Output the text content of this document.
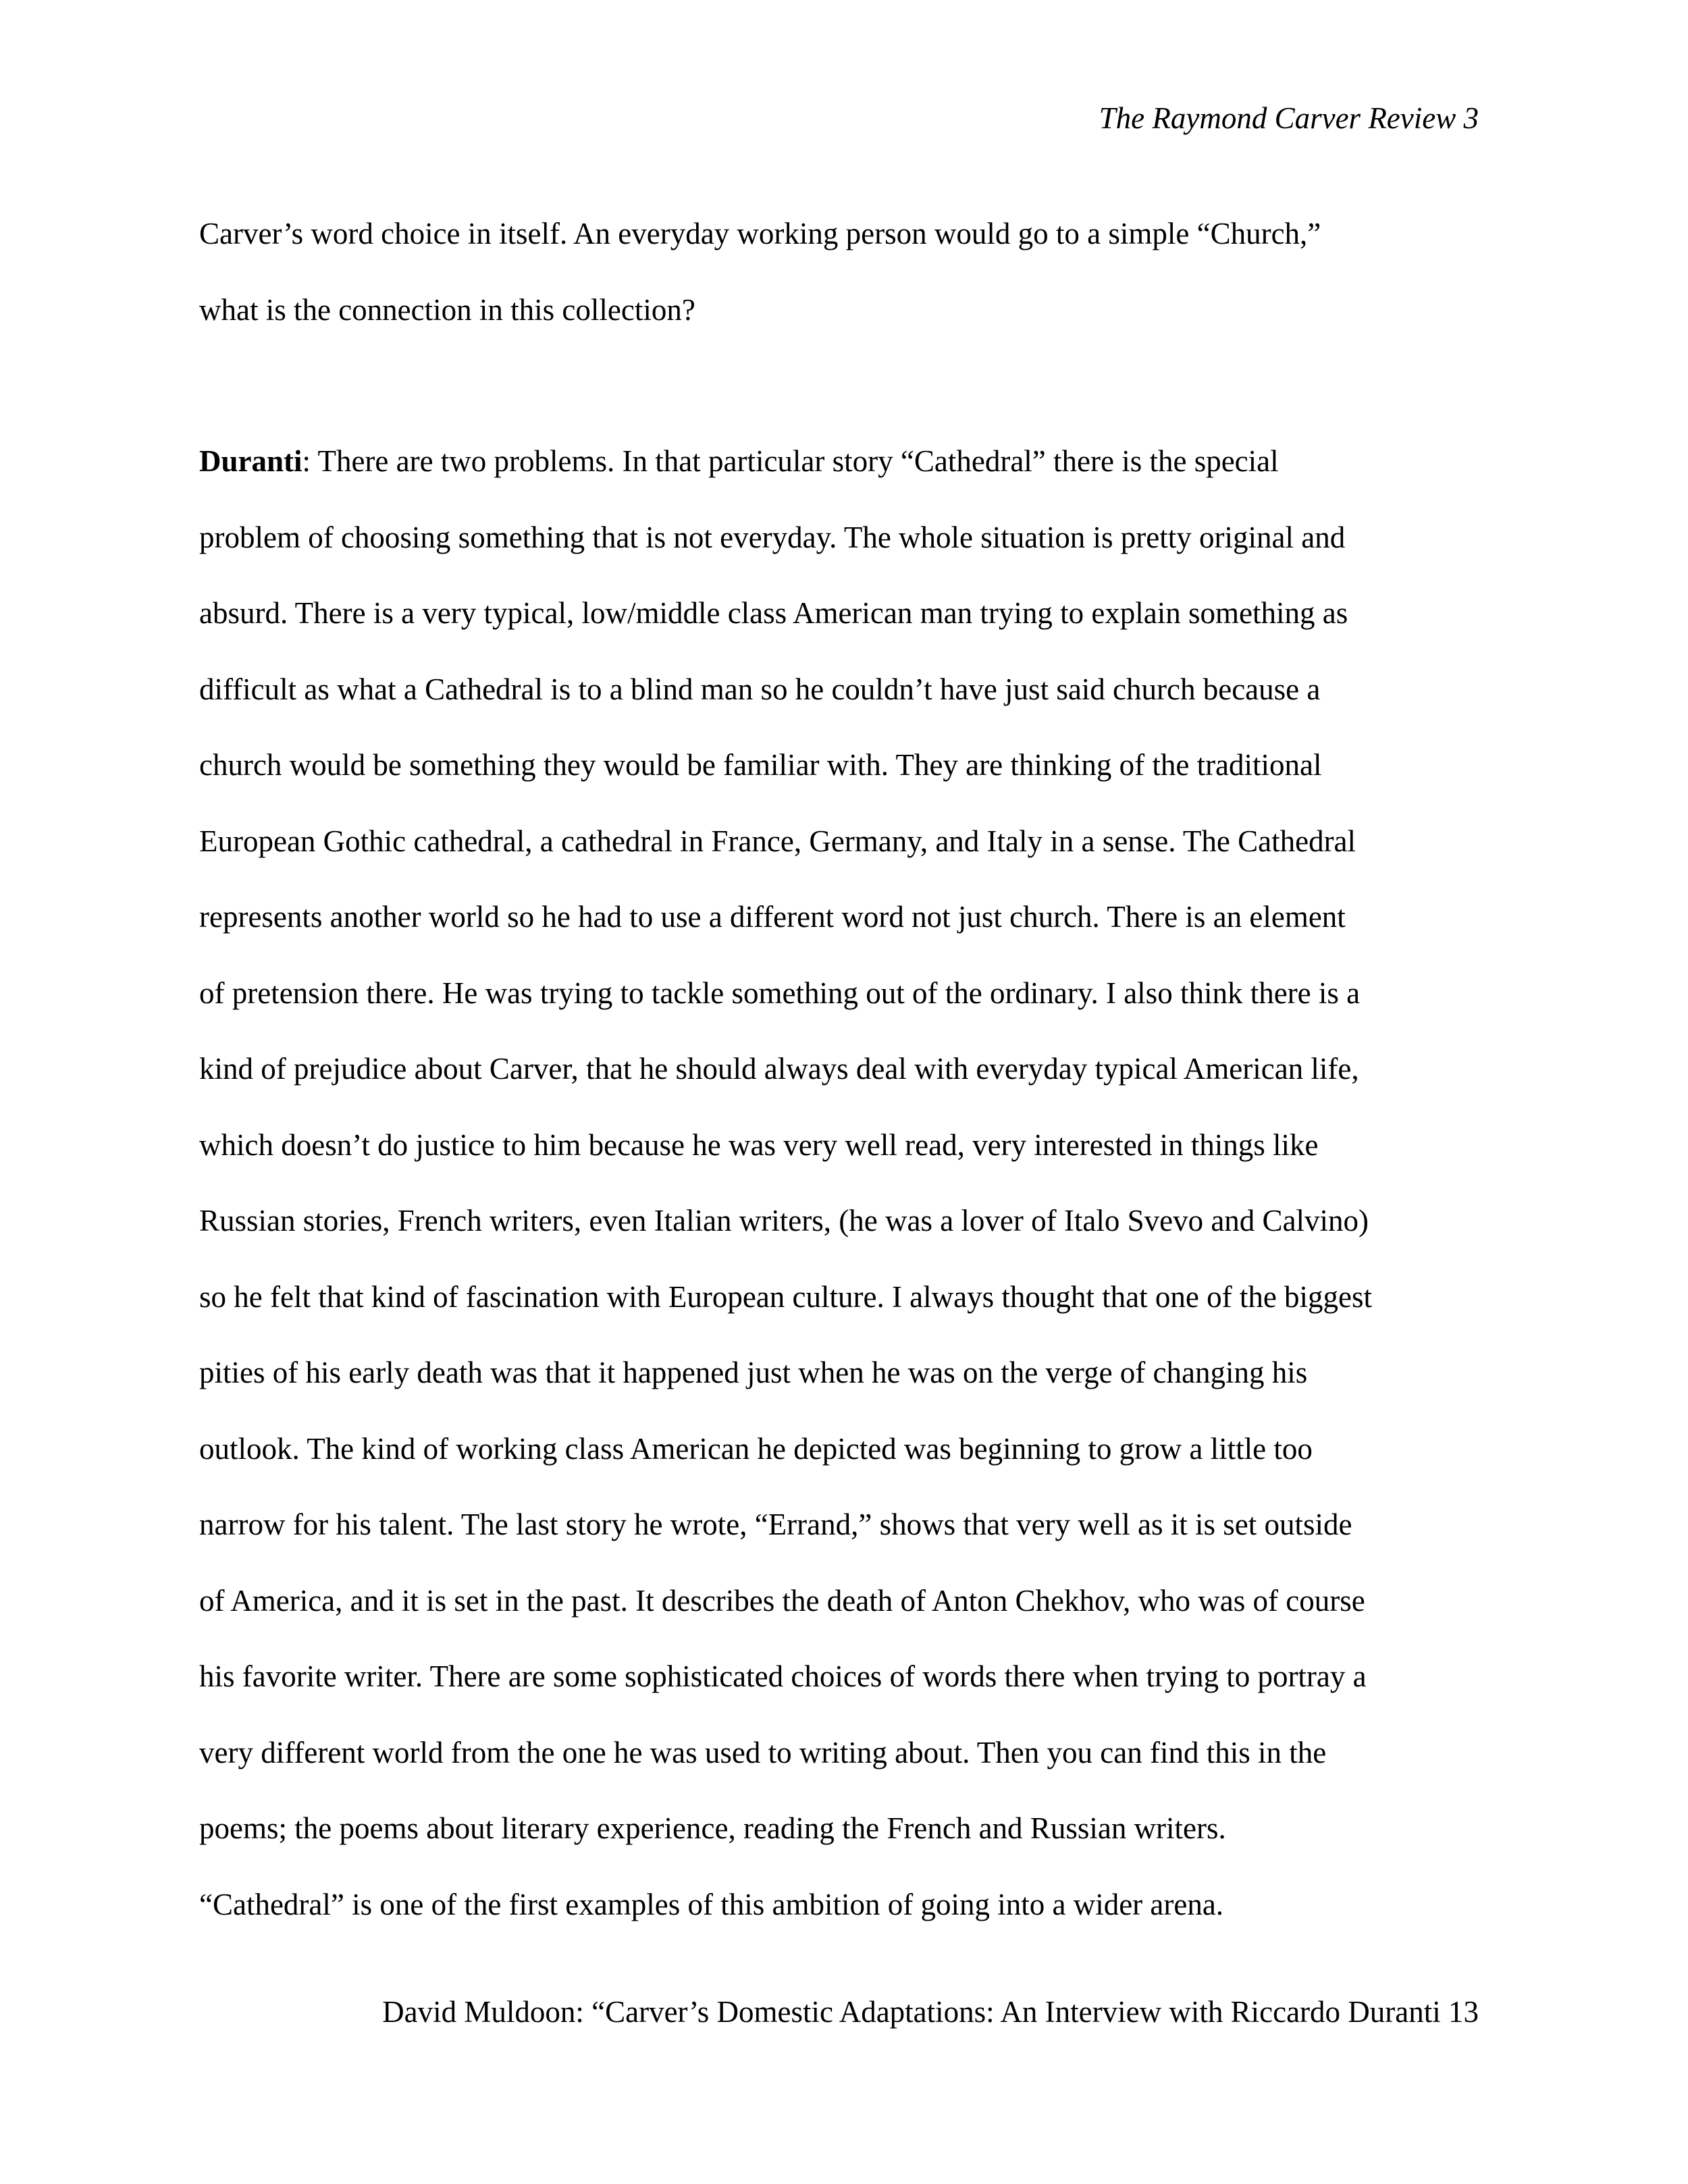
The Raymond Carver Review 3
Carver’s word choice in itself. An everyday working person would go to a simple “Church,”
what is the connection in this collection?
Duranti: There are two problems. In that particular story “Cathedral” there is the special
problem of choosing something that is not everyday. The whole situation is pretty original and
absurd. There is a very typical, low/middle class American man trying to explain something as
difficult as what a Cathedral is to a blind man so he couldn’t have just said church because a
church would be something they would be familiar with. They are thinking of the traditional
European Gothic cathedral, a cathedral in France, Germany, and Italy in a sense. The Cathedral
represents another world so he had to use a different word not just church. There is an element
of pretension there. He was trying to tackle something out of the ordinary. I also think there is a
kind of prejudice about Carver, that he should always deal with everyday typical American life,
which doesn’t do justice to him because he was very well read, very interested in things like
Russian stories, French writers, even Italian writers, (he was a lover of Italo Svevo and Calvino)
so he felt that kind of fascination with European culture. I always thought that one of the biggest
pities of his early death was that it happened just when he was on the verge of changing his
outlook. The kind of working class American he depicted was beginning to grow a little too
narrow for his talent. The last story he wrote, “Errand,” shows that very well as it is set outside
of America, and it is set in the past. It describes the death of Anton Chekhov, who was of course
his favorite writer. There are some sophisticated choices of words there when trying to portray a
very different world from the one he was used to writing about. Then you can find this in the
poems; the poems about literary experience, reading the French and Russian writers.
“Cathedral” is one of the first examples of this ambition of going into a wider arena.
David Muldoon: “Carver’s Domestic Adaptations: An Interview with Riccardo Duranti 13
